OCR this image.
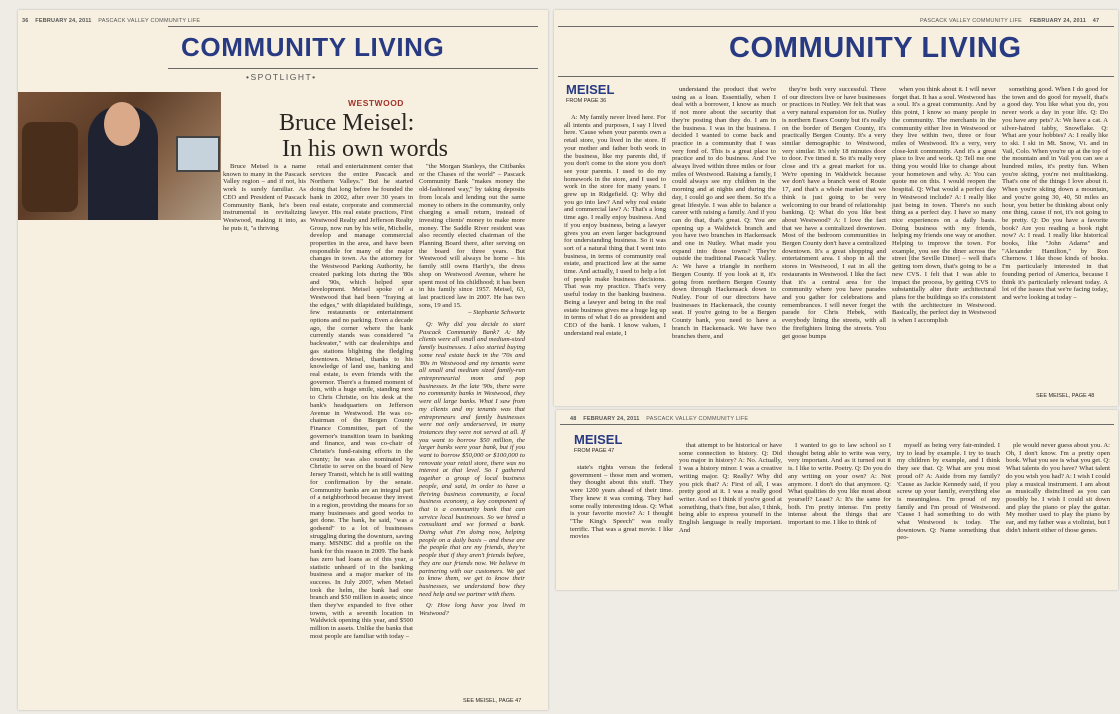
36 FEBRUARY 24, 2011 PASCACK VALLEY COMMUNITY LIFE
COMMUNITY LIVING
•SPOTLIGHT•
WESTWOOD
Bruce Meisel:
In his own words

Bruce Meisel is a name known to many in the Pascack Valley region – and if not, his work is surely familiar. As CEO and President of Pascack Community Bank, he's been instrumental in revitalizing Westwood, making it into, as he puts it, "a thriving

retail and entertainment center that services the entire Pascack and Northern Valleys." But he started doing that long before he founded the bank in 2002, after over 30 years in real estate, corporate and commercial lawyer. His real estate practices, First Westwood Realty and Jefferson Realty Group, now run by his wife, Michelle, develop and manage commercial properties in the area, and have been responsible for many of the major changes in town. As the attorney for the Westwood Parking Authority, he created parking lots during the '80s and '90s, which helped spur development. Meisel spoke of a Westwood that had been "fraying at the edges," with dilapidated buildings, few restaurants or entertainment options and no parking. Even a decade ago, the corner where the bank currently stands was considered "a backwater," with car dealerships and gas stations blighting the fledgling downtown. Meisel, thanks to his knowledge of land use, banking and real estate, is even friends with the governor. There's a framed moment of him, with a huge smile, standing next to Chris Christie, on his desk at the bank's headquarters on Jefferson Avenue in Westwood. He was co-chairman of the Bergen County Finance Committee, part of the governor's transition team in banking and finance, and was co-chair of Christie's fund-raising efforts in the county; he was also nominated by Christie to serve on the board of New Jersey Transit, which he is still waiting for confirmation by the senate. Community banks are an integral part of a neighborhood because they invest in a region, providing the means for so many businesses and good works to get done. The bank, he said, "was a godsend" to a lot of businesses struggling during the downturn, saving many. MSNBC did a profile on the bank for this reason in 2009. The bank has zero bad loans as of this year, a statistic unheard of in the banking business and a major marker of its success. In July 2007, when Meisel took the helm, the bank had one branch and $50 million in assets; since then they've expanded to five other towns, with a seventh location in Waldwick opening this year, and $500 million in assets. Unlike the banks that most people are familiar with today –

"the Morgan Stanleys, the Citibanks or the Chases of the world" – Pascack Community Bank "makes money the old-fashioned way," by taking deposits from locals and lending out the same money to others in the community, only charging a small return, instead of investing clients' money to make more money. The Saddle River resident was also recently elected chairman of the Planning Board there, after serving on the board for three years. But Westwood will always be home – his family still owns Hartly's, the dress shop on Westwood Avenue, where he spent most of his childhood; it has been in his family since 1957. Meisel, 63, last practiced law in 2007. He has two sons, 19 and 15.

– Stephanie Schwartz

Q: Why did you decide to start Pascack Community Bank? A: My clients were all small and medium-sized family businesses. I also started buying some real estate back in the '70s and '80s in Westwood and my tenants were all small and medium sized family-run entrepreneurial mom and pop businesses. In the late '90s, there were no community banks in Westwood, they were all large banks. What I saw from my clients and my tenants was that entrepreneurs and family businesses were not only underserved, in many instances they were not served at all. If you want to borrow $50 million, the larger banks were your bank, but if you want to borrow $50,000 or $100,000 to renovate your retail store, there was no interest at that level. So I gathered together a group of local business people, and said, in order to have a thriving business community, a local business economy, a key component of that is a community bank that can service local businesses. So we hired a consultant and we formed a bank. Doing what I'm doing now, helping people on a daily basis – and these are the people that are my friends, they're people that if they aren't friends before, they are our friends now. We believe in partnering with our customers. We get to know them, we get to know their businesses, we understand how they need help and we partner with them.

Q: How long have you lived in Westwood?

SEE MEISEL, PAGE 47
PASCACK VALLEY COMMUNITY LIFE FEBRUARY 24, 2011 47
COMMUNITY LIVING
MEISEL
FROM PAGE 36

A: My family never lived here. For all intents and purposes, I say I lived here. 'Cause when your parents own a retail store, you lived in the store. If your mother and father both work in the business, like my parents did, if you don't come to the store you don't see your parents. I used to do my homework in the store, and I used to work in the store for many years. I grew up in Ridgefield. Q: Why did you go into law? And why real estate and commercial law? A: That's a long time ago. I really enjoy business. And if you enjoy business, being a lawyer gives you an even larger background for understanding business. So it was sort of a natural thing that I went into business, in terms of community real estate, and practiced law at the same time. And actually, I used to help a lot of people make business decisions. That was my practice. That's very useful today in the banking business. Being a lawyer and being in the real estate business gives me a huge leg up in terms of what I do as president and CEO of the bank. I know values, I understand real estate, I

understand the product that we're using as a loan. Essentially, when I deal with a borrower, I know as much if not more about the security that they're posting than they do. I am in the business. I was in the business. I decided I wanted to come back and practice in a community that I was very fond of. This is a great place to practice and to do business. And I've always lived within three miles or four miles of Westwood. Raising a family, I could always see my children in the morning and at nights and during the day, I could go and see them. So it's a great lifestyle. I was able to balance a career with raising a family. And if you can do that, that's great. Q: You are opening up a Waldwick branch and you have two branches in Hackensack and one in Nutley. What made you expand into those towns? They're outside the traditional Pascack Valley. A: We have a triangle in northern Bergen County. If you look at it, it's going from northern Bergen County down through Hackensack down to Nutley. Four of our directors have businesses in Hackensack, the county seat. If you're going to be a Bergen County bank, you need to have a branch in Hackensack. We have two branches there, and

they're both very successful. Three of our directors live or have businesses or practices in Nutley. We felt that was a very natural expansion for us. Nutley is northern Essex County but it's really on the border of Bergen County, it's practically Bergen County. It's a very similar demographic to Westwood, very similar. It's only 18 minutes door to door. I've timed it. So it's really very close and it's a great market for us. We're opening in Waldwick because we don't have a branch west of Route 17, and that's a whole market that we think is just going to be very welcoming to our brand of relationship banking. Q: What do you like best about Westwood? A: I love the fact that we have a centralized downtown. Most of the bedroom communities in Bergen County don't have a centralized downtown. It's a great shopping and entertainment area. I shop in all the stores in Westwood, I eat in all the restaurants in Westwood. I like the fact that it's a central area for the community where you have parades and you gather for celebrations and remembrances. I will never forget the parade for Chris Hebek, with everybody lining the streets, with all the firefighters lining the streets. You get goose bumps

when you think about it. I will never forget that. It has a soul. Westwood has a soul. It's a great community. And by this point, I know so many people in the community. The merchants in the community either live in Westwood or they live within two, three or four miles of Westwood. It's a very, very close-knit community. And it's a great place to live and work. Q: Tell me one thing you would like to change about your hometown and why. A: You can quote me on this. I would reopen the hospital. Q: What would a perfect day in Westwood include? A: I really like just being in town. There's no such thing as a perfect day. I have so many nice experiences on a daily basis. Doing business with my friends, helping my friends one way or another. Helping to improve the town. For example, you see the diner across the street [the Seville Diner] – well that's getting torn down, that's going to be a new CVS. I felt that I was able to impact the process, by getting CVS to substantially alter their architectural plans for the buildings so it's consistent with the architecture in Westwood. Basically, the perfect day in Westwood is when I accomplish

something good. When I do good for the town and do good for myself, that's a good day. You like what you do, you never work a day in your life. Q: Do you have any pets? A: We have a cat. A silver-haired tabby, Snowflake. Q: What are your hobbies? A: I really like to ski. I ski in Mt. Snow, Vt. and in Vail, Colo. When you're up at the top of the mountain and in Vail you can see a hundred miles, it's pretty fun. When you're skiing, you're not multitasking. That's one of the things I love about it. When you're skiing down a mountain, and you're going 30, 40, 50 miles an hour, you better be thinking about only one thing, cause if not, it's not going to be pretty. Q: Do you have a favorite book? Are you reading a book right now? A: I read. I really like historical books, like "John Adams" and "Alexander Hamilton," by Ron Chernow. I like those kinds of books. I'm particularly interested in that founding period of America, because I think it's particularly relevant today. A lot of the issues that we're facing today, and we're looking at today –

SEE MEISEL, PAGE 48
48 FEBRUARY 24, 2011 PASCACK VALLEY COMMUNITY LIFE
MEISEL
FROM PAGE 47

state's rights versus the federal government – those men and women, they thought about this stuff. They were 1200 years ahead of their time. They knew it was coming. They had some really interesting ideas. Q: What is your favorite movie? A: I thought "The King's Speech" was really terrific. That was a great movie. I like movies

that attempt to be historical or have some connection to history. Q: Did you major in history? A: No. Actually, I was a history minor. I was a creative writing major. Q: Really? Why did you pick that? A: First of all, I was pretty good at it. I was a really good writer. And so I think if you're good at something, that's fine, but also, I think, being able to express yourself in the English language is really important. And

I wanted to go to law school so I thought being able to write was very, very important. And as it turned out it is. I like to write. Poetry. Q: Do you do any writing on your own? A: Not anymore. I don't do that anymore. Q: What qualities do you like most about yourself? Least? A: It's the same for both. I'm pretty intense. I'm pretty intense about the things that are important to me. I like to think of

myself as being very fair-minded. I try to lead by example. I try to teach my children by example, and I think they see that. Q: What are you most proud of? A: Aside from my family? 'Cause as Jackie Kennedy said, if you screw up your family, everything else is meaningless. I'm proud of my family and I'm proud of Westwood. 'Cause I had something to do with what Westwood is today. The downtown. Q: Name something that peo-

ple would never guess about you. A: Oh, I don't know. I'm a pretty open book. What you see is what you get. Q: What talents do you have? What talent do you wish you had? A: I wish I could play a musical instrument. I am about as musically disinclined as you can possibly be. I wish I could sit down and play the piano or play the guitar. My mother used to play the piano by ear, and my father was a violinist, but I didn't inherit either of those genes.
